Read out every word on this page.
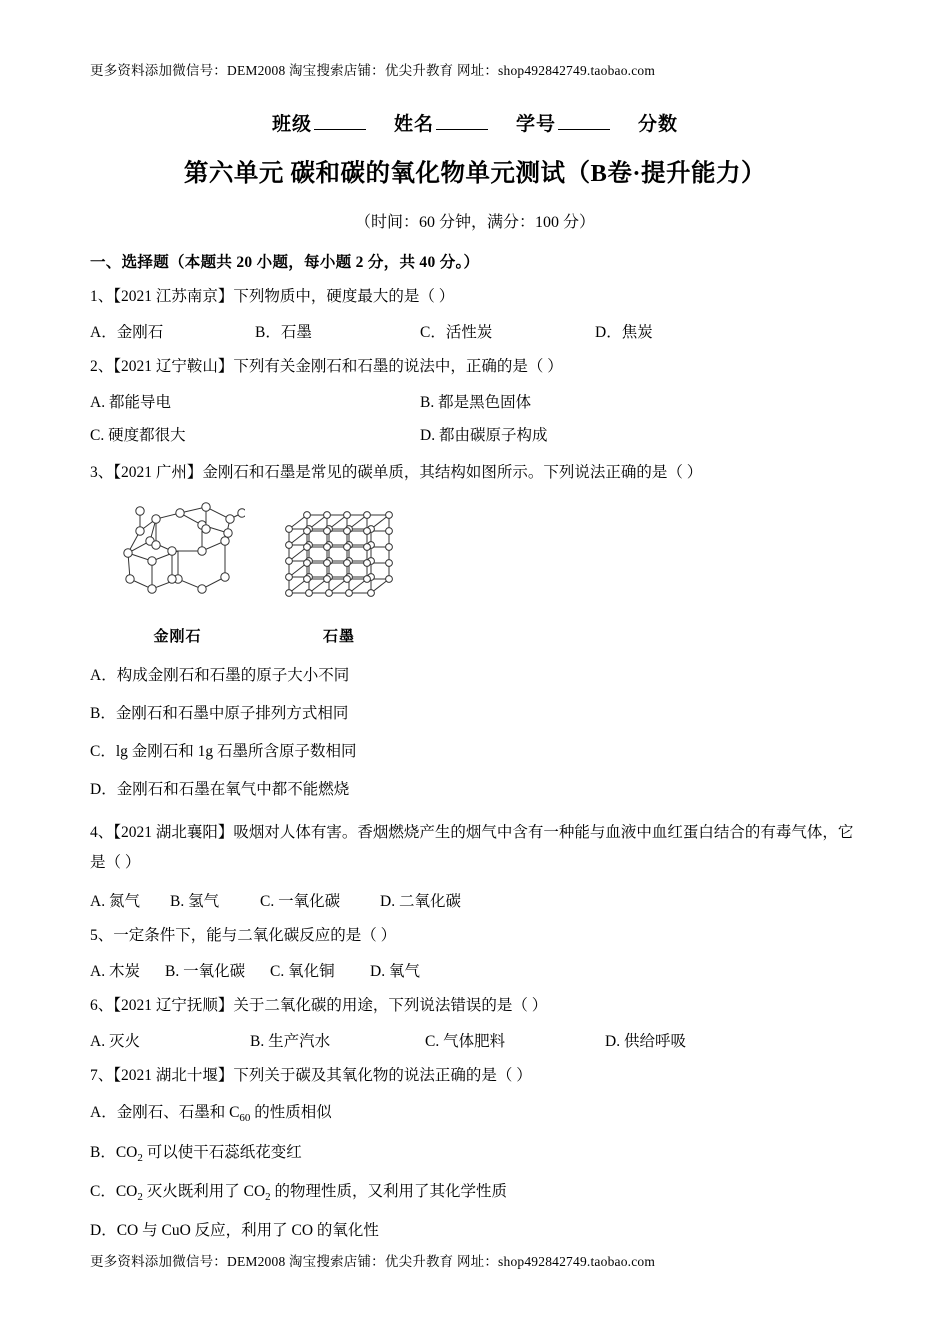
更多资料添加微信号：DEM2008 淘宝搜索店铺：优尖升教育 网址：shop492842749.taobao.com
班级	姓名	学号	分数
第六单元 碳和碳的氧化物单元测试（B卷·提升能力）
（时间：60 分钟，满分：100 分）
一、选择题（本题共 20 小题，每小题 2 分，共 40 分。）
1、【2021 江苏南京】下列物质中，硬度最大的是（ ）
A．金刚石	B．石墨	C．活性炭	D．焦炭
2、【2021 辽宁鞍山】下列有关金刚石和石墨的说法中，正确的是（ ）
A. 都能导电	B. 都是黑色固体
C. 硬度都很大	D. 都由碳原子构成
3、【2021 广州】金刚石和石墨是常见的碳单质，其结构如图所示。下列说法正确的是（ ）
金刚石	石墨
A．构成金刚石和石墨的原子大小不同
B．金刚石和石墨中原子排列方式相同
C．lg 金刚石和 1g 石墨所含原子数相同
D．金刚石和石墨在氧气中都不能燃烧
4、【2021 湖北襄阳】吸烟对人体有害。香烟燃烧产生的烟气中含有一种能与血液中血红蛋白结合的有毒气体，它是（ ）
A. 氮气	B. 氢气	C. 一氧化碳	D. 二氧化碳
5、一定条件下，能与二氧化碳反应的是（ ）
A. 木炭	B. 一氧化碳	C. 氧化铜	D. 氧气
6、【2021 辽宁抚顺】关于二氧化碳的用途，下列说法错误的是（ ）
A. 灭火	B. 生产汽水	C. 气体肥料	D. 供给呼吸
7、【2021 湖北十堰】下列关于碳及其氧化物的说法正确的是（ ）
A．金刚石、石墨和 $C_{60}$ 的性质相似
B．$CO_2$ 可以使干石蕊纸花变红
C．$CO_2$ 灭火既利用了 $CO_2$ 的物理性质，又利用了其化学性质
D．CO 与 CuO 反应，利用了 CO 的氧化性
更多资料添加微信号：DEM2008 淘宝搜索店铺：优尖升教育 网址：shop492842749.taobao.com
